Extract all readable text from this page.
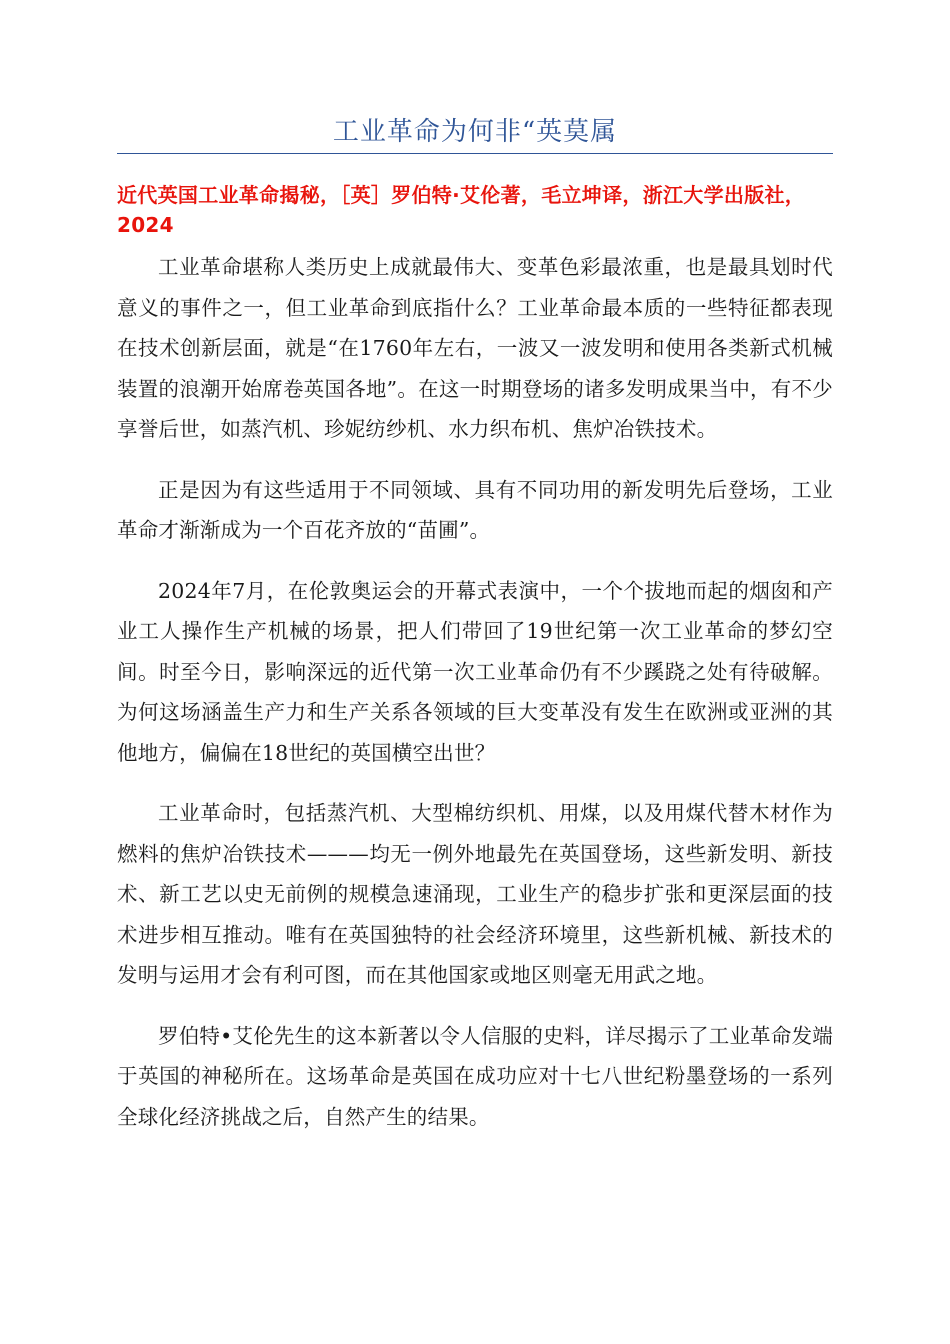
工业革命为何非“英莫属

近代英国工业革命揭秘，［英］罗伯特·艾伦著，毛立坤译，浙江大学出版社，2024

工业革命堪称人类历史上成就最伟大、变革色彩最浓重，也是最具划时代意义的事件之一，但工业革命到底指什么？工业革命最本质的一些特征都表现在技术创新层面，就是“在1760年左右，一波又一波发明和使用各类新式机械装置的浪潮开始席卷英国各地”。在这一时期登场的诸多发明成果当中，有不少享誉后世，如蒸汽机、珍妮纺纱机、水力织布机、焦炉冶铁技术。

正是因为有这些适用于不同领域、具有不同功用的新发明先后登场，工业革命才渐渐成为一个百花齐放的“苗圃”。

2024年7月，在伦敦奥运会的开幕式表演中，一个个拔地而起的烟囱和产业工人操作生产机械的场景，把人们带回了19世纪第一次工业革命的梦幻空间。时至今日，影响深远的近代第一次工业革命仍有不少蹊跷之处有待破解。为何这场涵盖生产力和生产关系各领域的巨大变革没有发生在欧洲或亚洲的其他地方，偏偏在18世纪的英国横空出世？

工业革命时，包括蒸汽机、大型棉纺织机、用煤，以及用煤代替木材作为燃料的焦炉冶铁技术———均无一例外地最先在英国登场，这些新发明、新技术、新工艺以史无前例的规模急速涌现，工业生产的稳步扩张和更深层面的技术进步相互推动。唯有在英国独特的社会经济环境里，这些新机械、新技术的发明与运用才会有利可图，而在其他国家或地区则毫无用武之地。

罗伯特•艾伦先生的这本新著以令人信服的史料，详尽揭示了工业革命发端于英国的神秘所在。这场革命是英国在成功应对十七八世纪粉墨登场的一系列全球化经济挑战之后，自然产生的结果。
